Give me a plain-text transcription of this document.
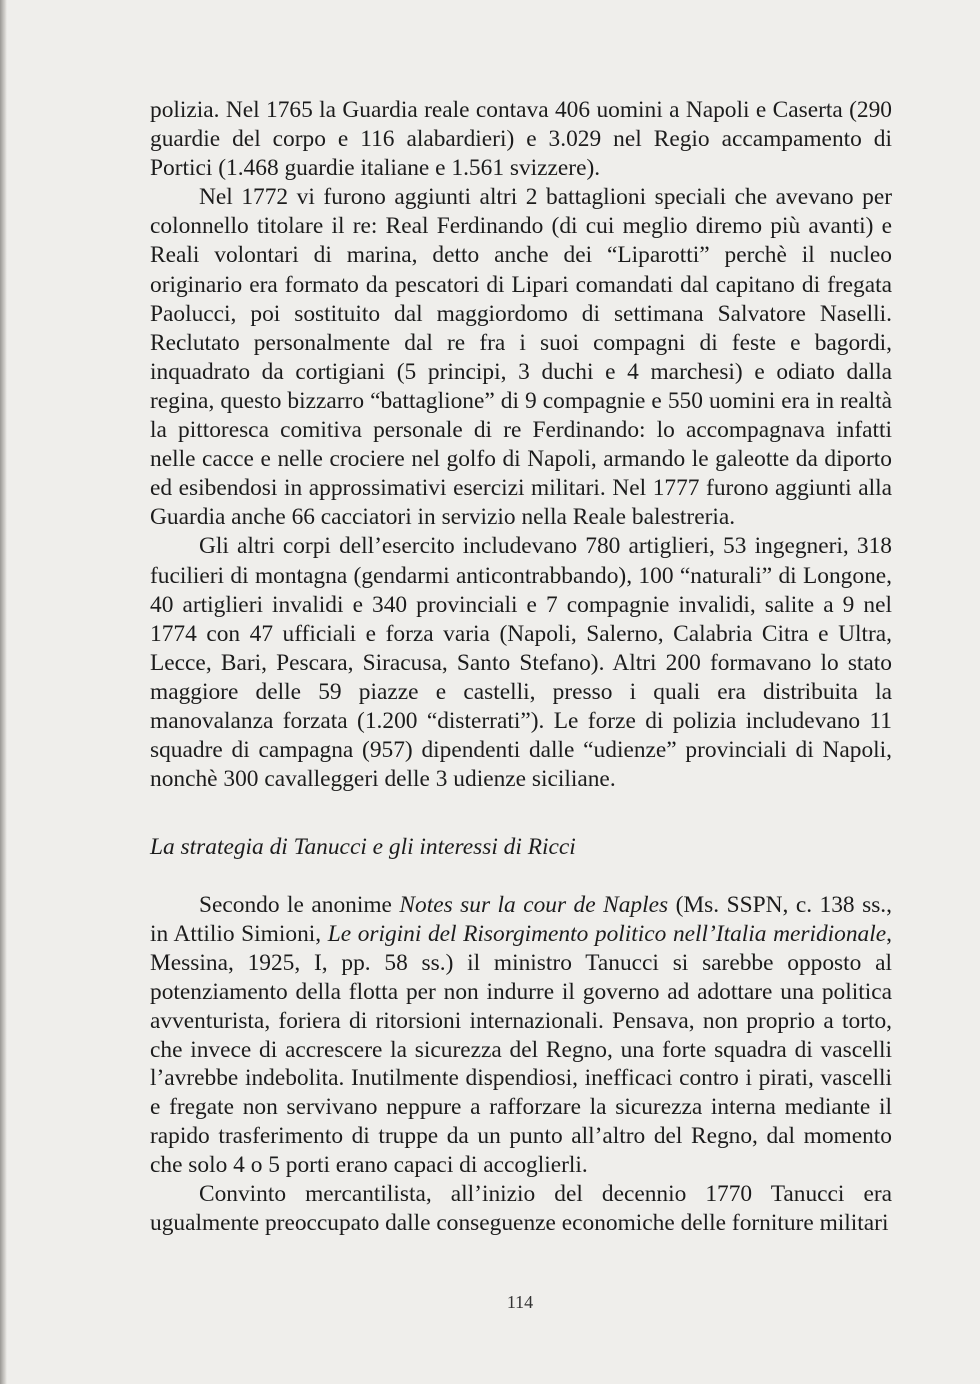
polizia. Nel 1765 la Guardia reale contava 406 uomini a Napoli e Caserta (290 guardie del corpo e 116 alabardieri) e 3.029 nel Regio accampamento di Portici (1.468 guardie italiane e 1.561 svizzere).

Nel 1772 vi furono aggiunti altri 2 battaglioni speciali che avevano per colonnello titolare il re: Real Ferdinando (di cui meglio diremo più avanti) e Reali volontari di marina, detto anche dei “Liparotti” perchè il nucleo originario era formato da pescatori di Lipari comandati dal capitano di fregata Paolucci, poi sostituito dal maggiordomo di settimana Salvatore Naselli. Reclutato personalmente dal re fra i suoi compagni di feste e bagordi, inquadrato da cortigiani (5 principi, 3 duchi e 4 marchesi) e odiato dalla regina, questo bizzarro “battaglione” di 9 compagnie e 550 uomini era in realtà la pittoresca comitiva personale di re Ferdinando: lo accompagnava infatti nelle cacce e nelle crociere nel golfo di Napoli, armando le galeotte da diporto ed esibendosi in approssimativi esercizi militari. Nel 1777 furono aggiunti alla Guardia anche 66 cacciatori in servizio nella Reale balestreria.

Gli altri corpi dell’esercito includevano 780 artiglieri, 53 ingegneri, 318 fucilieri di montagna (gendarmi anticontrabbando), 100 “naturali” di Longone, 40 artiglieri invalidi e 340 provinciali e 7 compagnie invalidi, salite a 9 nel 1774 con 47 ufficiali e forza varia (Napoli, Salerno, Calabria Citra e Ultra, Lecce, Bari, Pescara, Siracusa, Santo Stefano). Altri 200 formavano lo stato maggiore delle 59 piazze e castelli, presso i quali era distribuita la manovalanza forzata (1.200 “disterrati”). Le forze di polizia includevano 11 squadre di campagna (957) dipendenti dalle “udienze” provinciali di Napoli, nonchè 300 cavalleggeri delle 3 udienze siciliane.

La strategia di Tanucci e gli interessi di Ricci

Secondo le anonime Notes sur la cour de Naples (Ms. SSPN, c. 138 ss., in Attilio Simioni, Le origini del Risorgimento politico nell’Italia meridionale, Messina, 1925, I, pp. 58 ss.) il ministro Tanucci si sarebbe opposto al potenziamento della flotta per non indurre il governo ad adottare una politica avventurista, foriera di ritorsioni internazionali. Pensava, non proprio a torto, che invece di accrescere la sicurezza del Regno, una forte squadra di vascelli l’avrebbe indebolita. Inutilmente dispendiosi, inefficaci contro i pirati, vascelli e fregate non servivano neppure a rafforzare la sicurezza interna mediante il rapido trasferimento di truppe da un punto all’altro del Regno, dal momento che solo 4 o 5 porti erano capaci di accoglierli.

Convinto mercantilista, all’inizio del decennio 1770 Tanucci era ugualmente preoccupato dalle conseguenze economiche delle forniture militari

114
